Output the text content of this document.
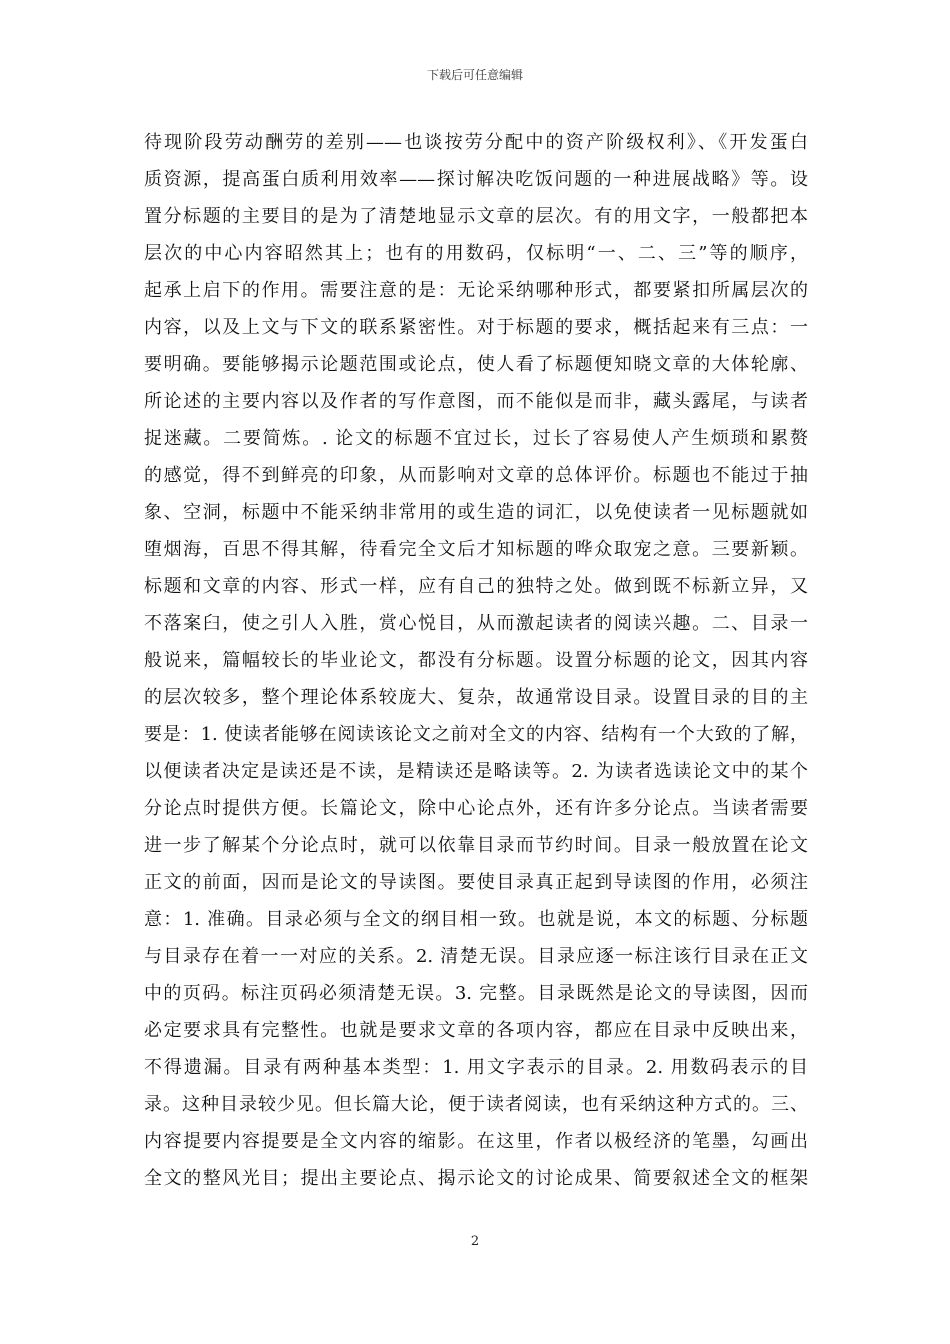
下载后可任意编辑
待现阶段劳动酬劳的差别——也谈按劳分配中的资产阶级权利》、《开发蛋白
质资源，提高蛋白质利用效率——探讨解决吃饭问题的一种进展战略》等。设
置分标题的主要目的是为了清楚地显示文章的层次。有的用文字，一般都把本
层次的中心内容昭然其上；也有的用数码，仅标明“一、二、三”等的顺序，
起承上启下的作用。需要注意的是：无论采纳哪种形式，都要紧扣所属层次的
内容，以及上文与下文的联系紧密性。对于标题的要求，概括起来有三点：一
要明确。要能够揭示论题范围或论点，使人看了标题便知晓文章的大体轮廓、
所论述的主要内容以及作者的写作意图，而不能似是而非，藏头露尾，与读者
捉迷藏。二要简炼。. 论文的标题不宜过长，过长了容易使人产生烦琐和累赘
的感觉，得不到鲜亮的印象，从而影响对文章的总体评价。标题也不能过于抽
象、空洞，标题中不能采纳非常用的或生造的词汇，以免使读者一见标题就如
堕烟海，百思不得其解，待看完全文后才知标题的哗众取宠之意。三要新颖。
标题和文章的内容、形式一样，应有自己的独特之处。做到既不标新立异，又
不落案臼，使之引人入胜，赏心悦目，从而激起读者的阅读兴趣。二、目录一
般说来，篇幅较长的毕业论文，都没有分标题。设置分标题的论文，因其内容
的层次较多，整个理论体系较庞大、复杂，故通常设目录。设置目录的目的主
要是：1. 使读者能够在阅读该论文之前对全文的内容、结构有一个大致的了解，
以便读者决定是读还是不读，是精读还是略读等。2. 为读者选读论文中的某个
分论点时提供方便。长篇论文，除中心论点外，还有许多分论点。当读者需要
进一步了解某个分论点时，就可以依靠目录而节约时间。目录一般放置在论文
正文的前面，因而是论文的导读图。要使目录真正起到导读图的作用，必须注
意：1. 准确。目录必须与全文的纲目相一致。也就是说，本文的标题、分标题
与目录存在着一一对应的关系。2. 清楚无误。目录应逐一标注该行目录在正文
中的页码。标注页码必须清楚无误。3. 完整。目录既然是论文的导读图，因而
必定要求具有完整性。也就是要求文章的各项内容，都应在目录中反映出来，
不得遗漏。目录有两种基本类型：1. 用文字表示的目录。2. 用数码表示的目
录。这种目录较少见。但长篇大论，便于读者阅读，也有采纳这种方式的。三、
内容提要内容提要是全文内容的缩影。在这里，作者以极经济的笔墨，勾画出
全文的整风光目；提出主要论点、揭示论文的讨论成果、简要叙述全文的框架
2
